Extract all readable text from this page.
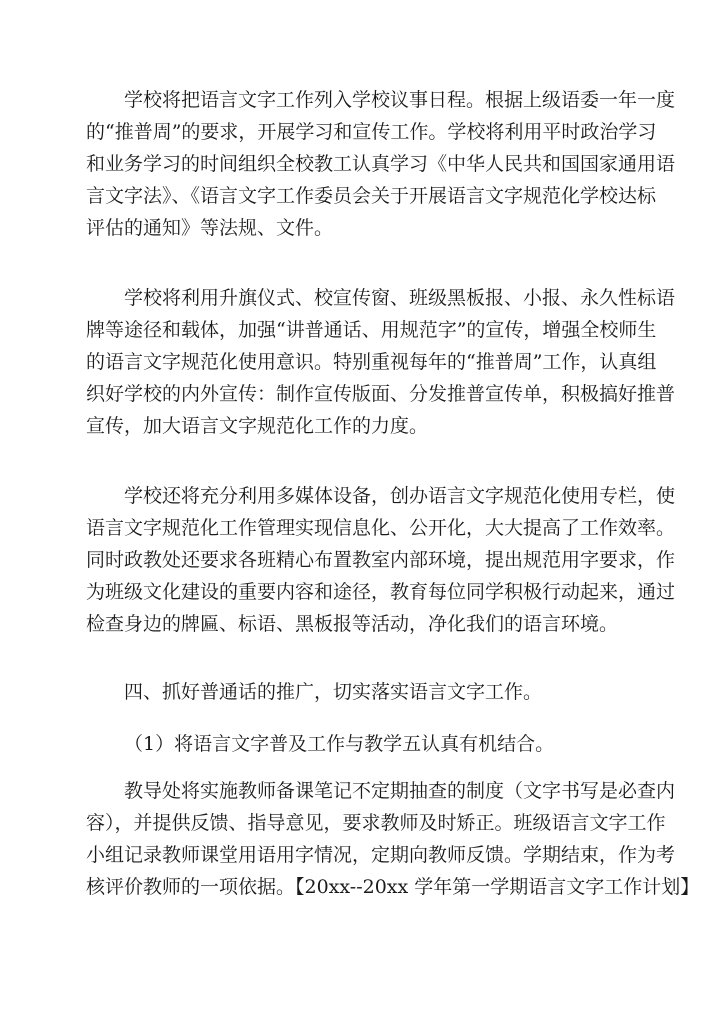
学校将把语言文字工作列入学校议事日程。根据上级语委一年一度
的“推普周”的要求，开展学习和宣传工作。学校将利用平时政治学习
和业务学习的时间组织全校教工认真学习《中华人民共和国国家通用语
言文字法》、《语言文字工作委员会关于开展语言文字规范化学校达标
评估的通知》等法规、文件。
学校将利用升旗仪式、校宣传窗、班级黑板报、小报、永久性标语
牌等途径和载体，加强“讲普通话、用规范字”的宣传，增强全校师生
的语言文字规范化使用意识。特别重视每年的“推普周”工作，认真组
织好学校的内外宣传：制作宣传版面、分发推普宣传单，积极搞好推普
宣传，加大语言文字规范化工作的力度。
学校还将充分利用多媒体设备，创办语言文字规范化使用专栏，使
语言文字规范化工作管理实现信息化、公开化，大大提高了工作效率。
同时政教处还要求各班精心布置教室内部环境，提出规范用字要求，作
为班级文化建设的重要内容和途径，教育每位同学积极行动起来，通过
检查身边的牌匾、标语、黑板报等活动，净化我们的语言环境。
四、抓好普通话的推广，切实落实语言文字工作。
（1）将语言文字普及工作与教学五认真有机结合。
教导处将实施教师备课笔记不定期抽查的制度（文字书写是必查内
容），并提供反馈、指导意见，要求教师及时矫正。班级语言文字工作
小组记录教师课堂用语用字情况，定期向教师反馈。学期结束，作为考
核评价教师的一项依据。【20xx--20xx 学年第一学期语言文字工作计划】
